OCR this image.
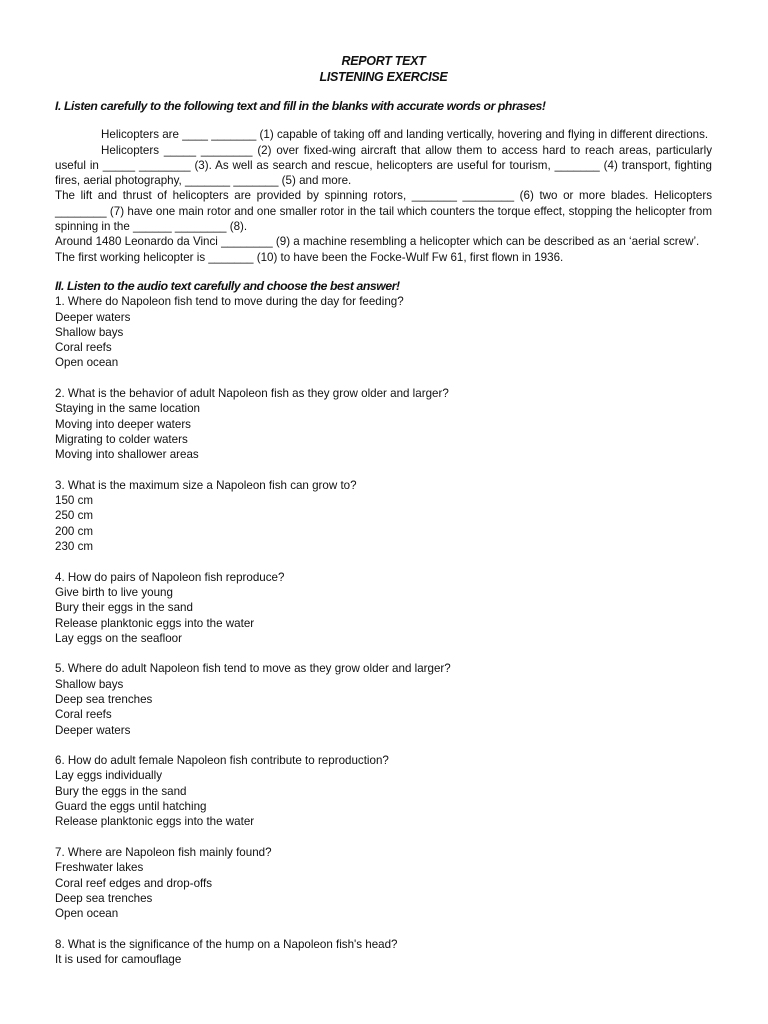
REPORT TEXT

LISTENING EXERCISE

I. Listen carefully to the following text and fill in the blanks with accurate words or phrases!

Helicopters are ____ _______ (1) capable of taking off and landing vertically, hovering and flying in different directions.

Helicopters _____ ________ (2) over fixed-wing aircraft that allow them to access hard to reach areas, particularly useful in _____ ________ (3). As well as search and rescue, helicopters are useful for tourism, _______ (4) transport, fighting fires, aerial photography, _______ _______ (5) and more.

The lift and thrust of helicopters are provided by spinning rotors, _______ ________ (6) two or more blades. Helicopters ________ (7) have one main rotor and one smaller rotor in the tail which counters the torque effect, stopping the helicopter from spinning in the ______ ________ (8).

Around 1480 Leonardo da Vinci ________ (9) a machine resembling a helicopter which can be described as an ‘aerial screw’.

The first working helicopter is _______ (10) to have been the Focke-Wulf Fw 61, first flown in 1936.

II. Listen to the audio text carefully and choose the best answer!

1. Where do Napoleon fish tend to move during the day for feeding?

Deeper waters

Shallow bays

Coral reefs

Open ocean

2. What is the behavior of adult Napoleon fish as they grow older and larger?

Staying in the same location

Moving into deeper waters

Migrating to colder waters

Moving into shallower areas

3. What is the maximum size a Napoleon fish can grow to?

150 cm

250 cm

200 cm

230 cm

4. How do pairs of Napoleon fish reproduce?

Give birth to live young

Bury their eggs in the sand

Release planktonic eggs into the water

Lay eggs on the seafloor

5. Where do adult Napoleon fish tend to move as they grow older and larger?

Shallow bays

Deep sea trenches

Coral reefs

Deeper waters

6. How do adult female Napoleon fish contribute to reproduction?

Lay eggs individually

Bury the eggs in the sand

Guard the eggs until hatching

Release planktonic eggs into the water

7. Where are Napoleon fish mainly found?

Freshwater lakes

Coral reef edges and drop-offs

Deep sea trenches

Open ocean

8. What is the significance of the hump on a Napoleon fish's head?

It is used for camouflage
